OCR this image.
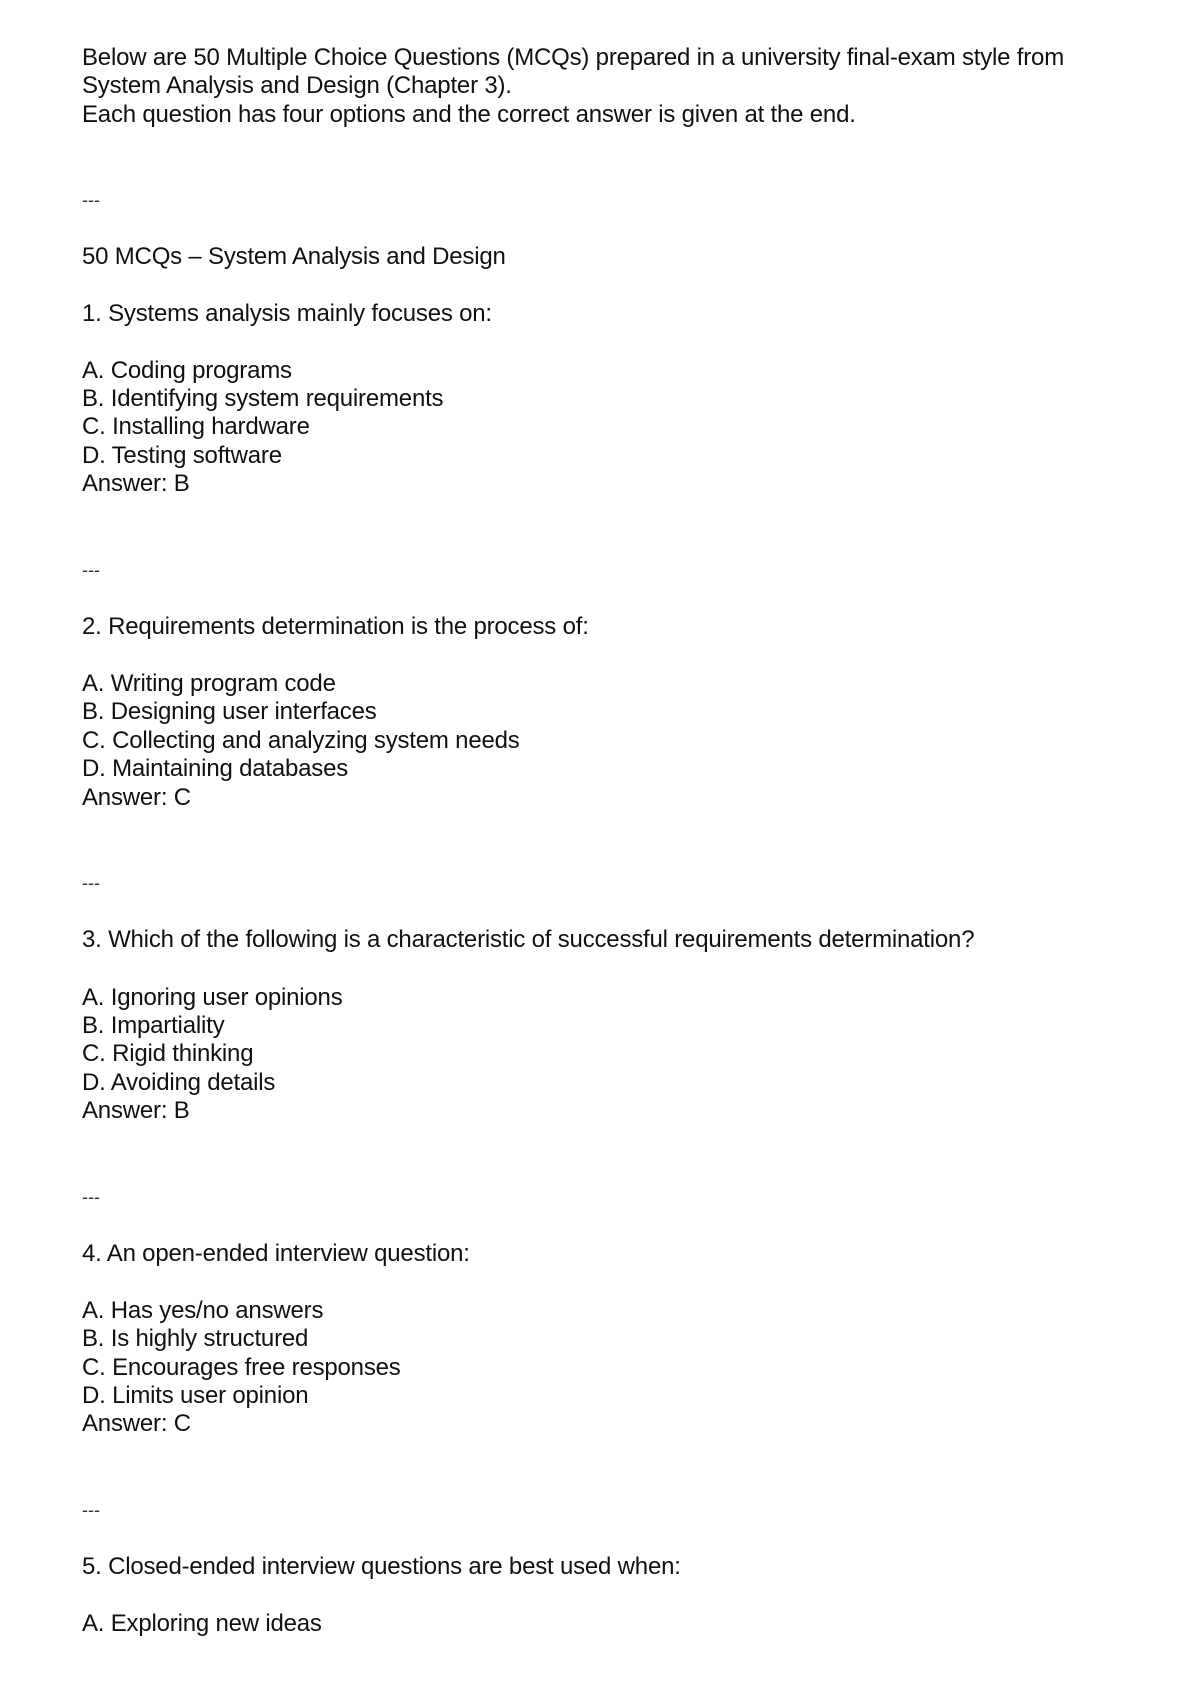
Below are 50 Multiple Choice Questions (MCQs) prepared in a university final-exam style from
System Analysis and Design (Chapter 3).
Each question has four options and the correct answer is given at the end.
---
50 MCQs – System Analysis and Design
1. Systems analysis mainly focuses on:
A. Coding programs
B. Identifying system requirements
C. Installing hardware
D. Testing software
Answer: B
---
2. Requirements determination is the process of:
A. Writing program code
B. Designing user interfaces
C. Collecting and analyzing system needs
D. Maintaining databases
Answer: C
---
3. Which of the following is a characteristic of successful requirements determination?
A. Ignoring user opinions
B. Impartiality
C. Rigid thinking
D. Avoiding details
Answer: B
---
4. An open-ended interview question:
A. Has yes/no answers
B. Is highly structured
C. Encourages free responses
D. Limits user opinion
Answer: C
---
5. Closed-ended interview questions are best used when:
A. Exploring new ideas
